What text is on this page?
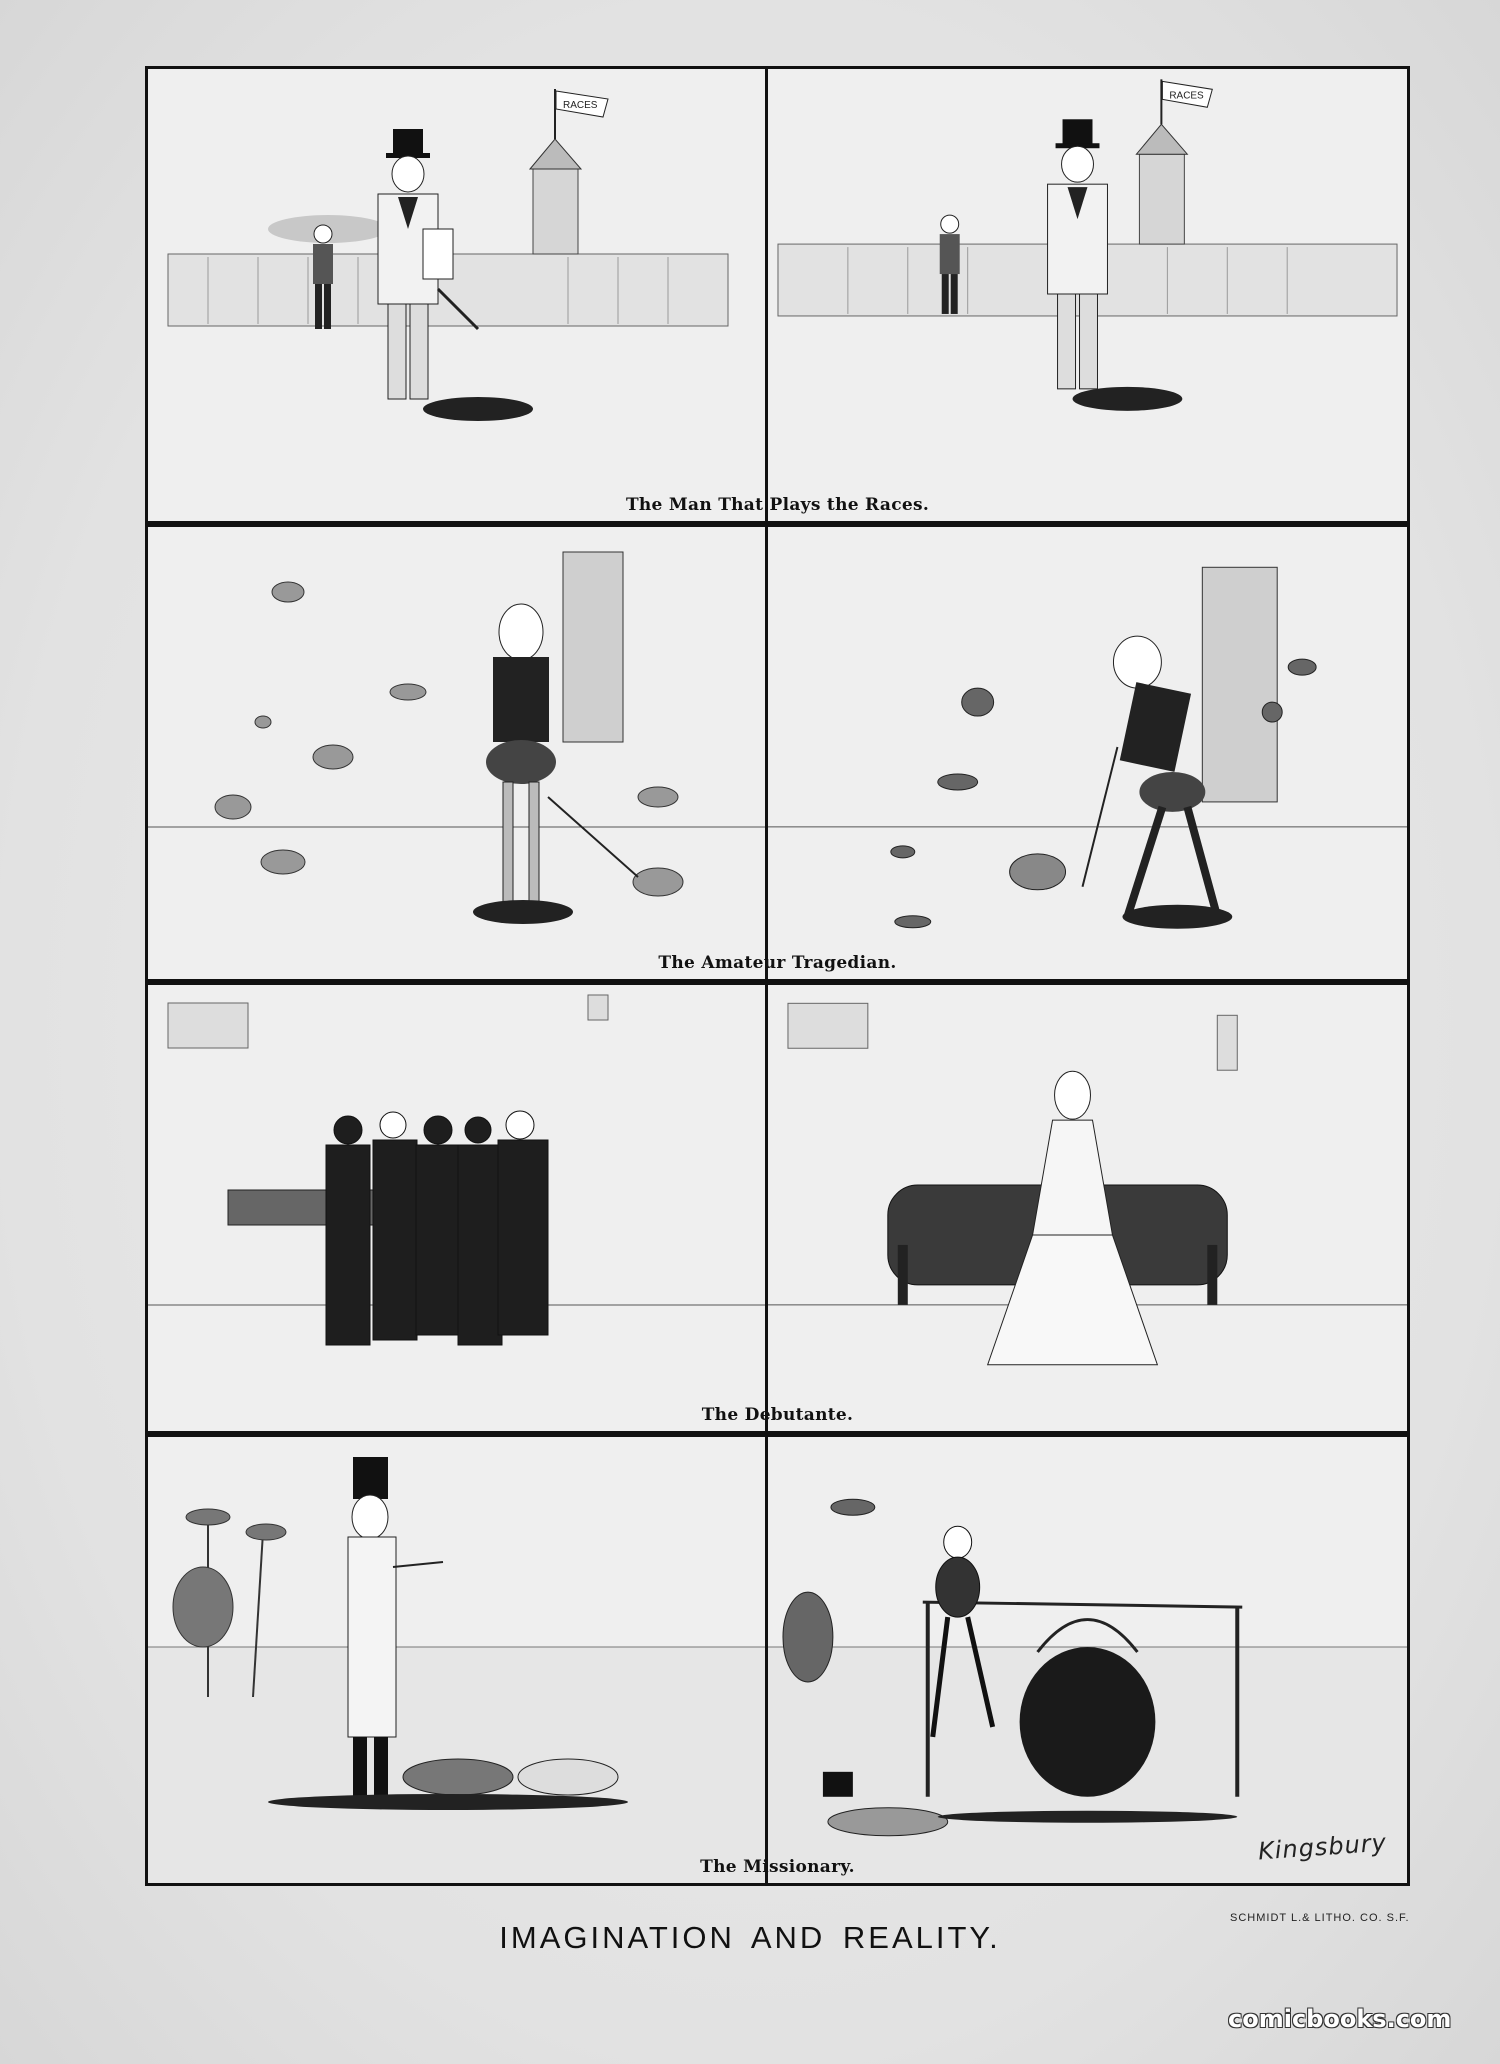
RACES
RACES
The Man That Plays the Races.
The Amateur Tragedian.
The Debutante.
Kingsbury
The Missionary.
IMAGINATION AND REALITY.
SCHMIDT L.& LITHO. CO. S.F.
comicbooks.com
